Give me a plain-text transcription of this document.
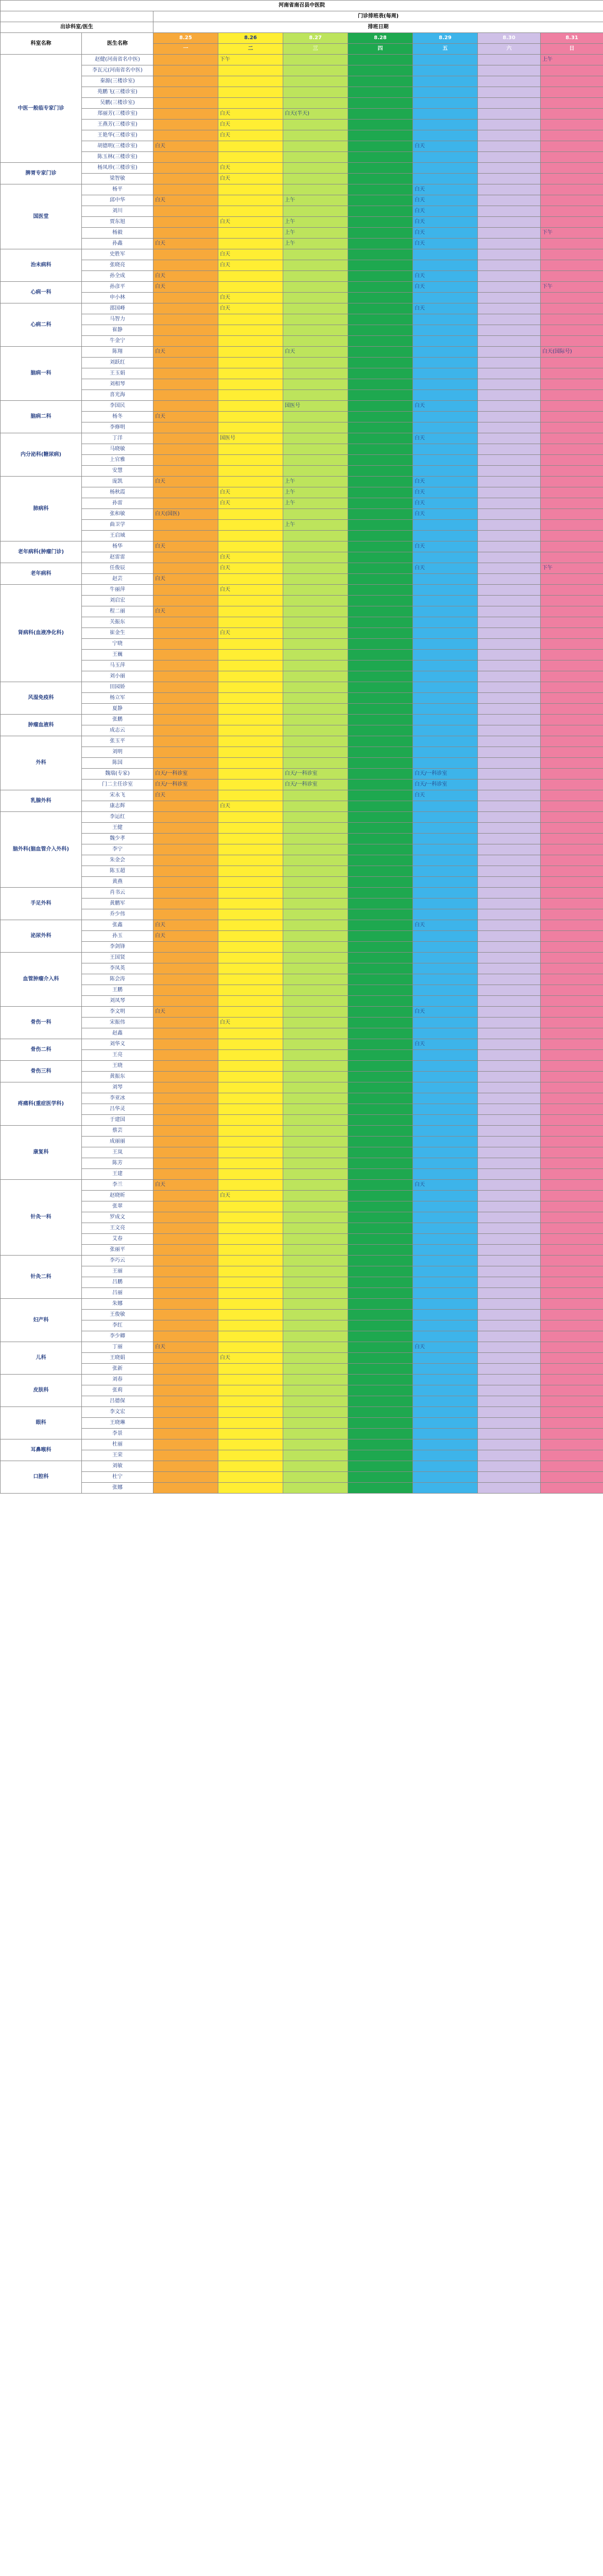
河南省南召县中医院								
		门诊排班表(每周)						
出诊科室/医生		排班日期						
科室名称	医生名称	8.25	8.26	8.27	8.28	8.29	8.30	8.31
		一	二	三	四	五	六	日
中医一般临专家门诊	赵健(河南省名中医)		下午					上午
	李瓦元(河南省名中医)							
	秦源(三楼诊室)							
	苑鹏飞(三楼诊室)							
	吴鹏(三楼诊室)							
	郑丽芳(三楼诊室)		白天	白天(半天)				
	王燕芳(三楼诊室)		白天					
	王艳华(三楼诊室)		白天					
	胡德明(三楼诊室)	白天				白天		
	陈玉林(三楼诊室)							
脾胃专家门诊	杨凤珍(三楼诊室)		白天					
	梁智敏		白天					
国医堂	杨平					白天		
	邱中华	白天		上午		白天		
	刘川					白天		
	贾东旭		白天	上午		白天		
	杨毅			上午		白天		下午
	孙鑫	白天		上午		白天		
治未病科	史胜军		白天					
	张晓亮		白天					
	孙全成	白天				白天		
心病一科	孙彦平	白天				白天		下午
	申小林		白天					
心病二科	邵国峰		白天			白天		
	马智力							
	崔静							
	牛金宁							
脑病一科	陈翔	白天		白天				白天(国际号)
	刘跃红							
	王玉娟							
	刘相琴							
	喜光海							
脑病二科	李国民			国医号		白天		
	杨冬	白天						
	李修明							
内分泌科(糖尿病)	丁洋		国医号			白天		
	马晓敏							
	上官雅							
	安慧							
肺病科	庞凯	白天		上午		白天		
	杨秋霞		白天	上午		白天		
	孙雷		白天	上午		白天		
	张和敏	白天(国医)				白天		
	曲卫学			上午				
	王启域							
老年病科(肿瘤门诊)	杨华	白天				白天		
	赵雷雷		白天					
老年病科	任俊辰		白天			白天		下午
	赵芸	白天						
肾病科(血液净化科)	牛丽萍		白天					
	刘启宏							
	程二丽	白天						
	关振东							
	崔金生		白天					
	宁晓							
	王巍							
	马玉萍							
	刘小丽							
风湿免疫科	田园娇							
	杨立军							
	夏静							
肿瘤血液科	张鹏							
	成志云							
外科	张玉平							
	刘明							
	陈国							
	魏瑞(专家)	白天/一科诊室		白天/一科诊室		白天/一科诊室		
	门二主任诊室	白天/一科诊室		白天/一科诊室		白天/一科诊室		
乳腺外科	宋永飞	白天				白天		
	康志辉		白天					
脑外科(脑血管介入外科)	李运红							
	王健							
	魏少孝							
	李宁							
	朱金会							
	陈玉超							
	黄燕							
手足外科	肖书云							
	黄鹏军							
	乔少伟							
泌尿外科	张鑫	白天				白天		
	孙玉	白天						
	李剑锋							
血管肿瘤介入科	王国贤							
	李凤英							
	陈会涛							
	王鹏							
	刘凤琴							
骨伤一科	李文明	白天				白天		
	宋振伟		白天					
	赵鑫							
骨伤二科	刘华义					白天		
	王亮							
骨伤三科	王晓							
	黄振东							
疼痛科(重症医学科)	刘琴							
	李亚冰							
	吕华灵							
	于建国							
康复科	蔡芸							
	成丽丽							
	王岚							
	陈芳							
	王建							
针灸一科	李兰	白天				白天		
	赵晓昕		白天					
	张翠							
	罗成文							
	王文亮							
	艾春							
	张丽平							
针灸二科	李巧云							
	王丽							
	吕鹏							
	吕丽							
妇产科	朱娜							
	王俊敏							
	李红							
	李少卿							
儿科	丁丽	白天				白天		
	王晓娟		白天					
	张新							
皮肤科	刘春							
	张莉							
	吕德保							
眼科	李文宏							
	王晓琳							
	李景							
耳鼻喉科	杜丽							
	王荣							
口腔科	刘敏							
	杜宁							
	张娜							
